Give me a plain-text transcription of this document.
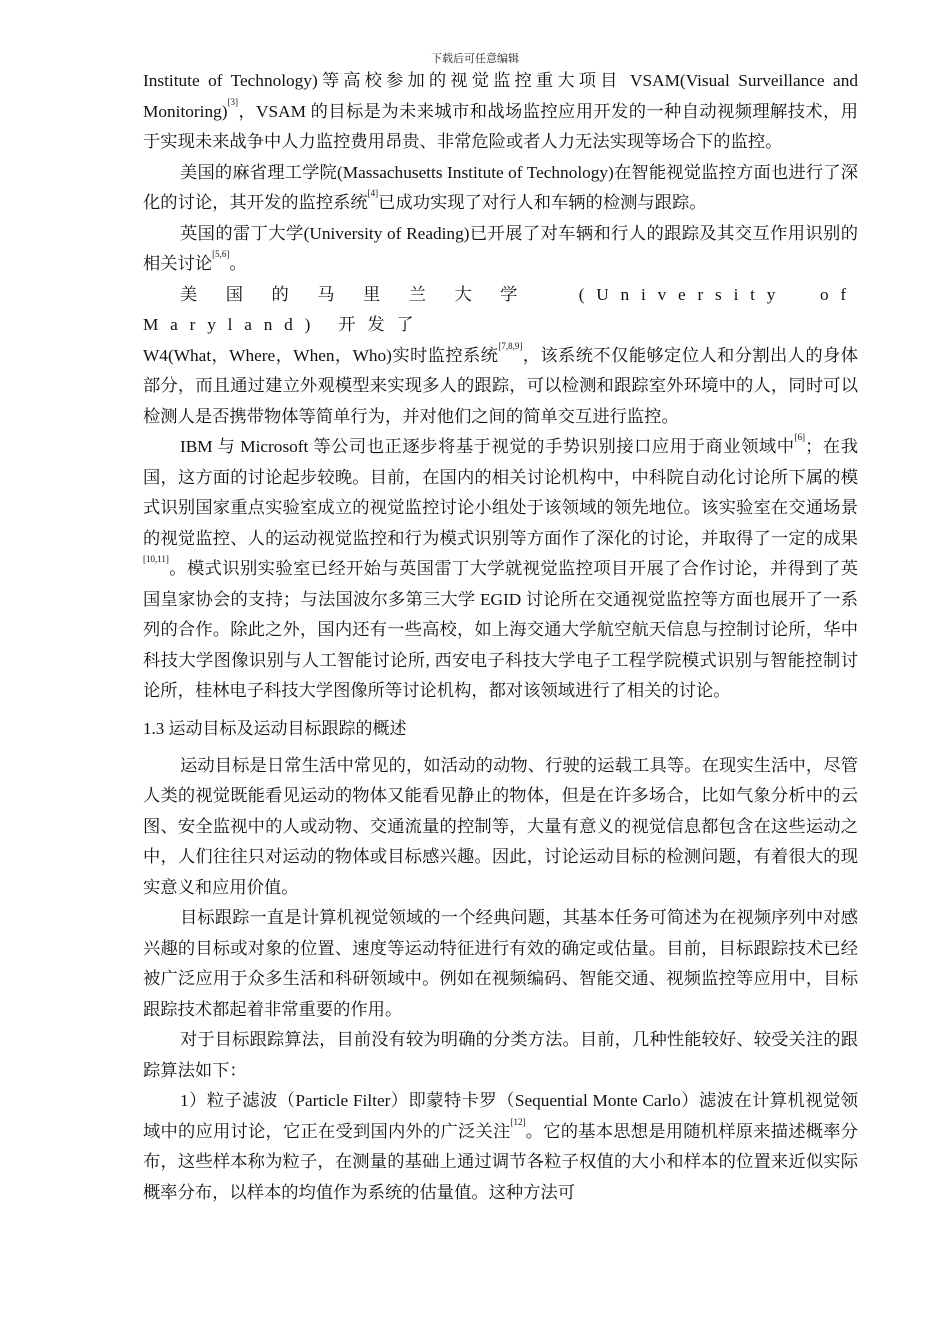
下载后可任意编辑

Institute of Technology)等高校参加的视觉监控重大项目 VSAM(Visual Surveillance and Monitoring)[3]，VSAM 的目标是为未来城市和战场监控应用开发的一种自动视频理解技术，用于实现未来战争中人力监控费用昂贵、非常危险或者人力无法实现等场合下的监控。

美国的麻省理工学院(Massachusetts Institute of Technology)在智能视觉监控方面也进行了深化的讨论，其开发的监控系统[4]已成功实现了对行人和车辆的检测与跟踪。

英国的雷丁大学(University of Reading)已开展了对车辆和行人的跟踪及其交互作用识别的相关讨论[5,6]。

美国的马里兰大学 (University of Maryland) 开发了
W4(What，Where，When，Who)实时监控系统[7,8,9]，该系统不仅能够定位人和分割出人的身体部分，而且通过建立外观模型来实现多人的跟踪，可以检测和跟踪室外环境中的人，同时可以检测人是否携带物体等简单行为，并对他们之间的简单交互进行监控。

IBM 与 Microsoft 等公司也正逐步将基于视觉的手势识别接口应用于商业领域中[6]；在我国，这方面的讨论起步较晚。目前，在国内的相关讨论机构中，中科院自动化讨论所下属的模式识别国家重点实验室成立的视觉监控讨论小组处于该领域的领先地位。该实验室在交通场景的视觉监控、人的运动视觉监控和行为模式识别等方面作了深化的讨论，并取得了一定的成果[10,11]。模式识别实验室已经开始与英国雷丁大学就视觉监控项目开展了合作讨论，并得到了英国皇家协会的支持；与法国波尔多第三大学 EGID 讨论所在交通视觉监控等方面也展开了一系列的合作。除此之外，国内还有一些高校，如上海交通大学航空航天信息与控制讨论所，华中科技大学图像识别与人工智能讨论所, 西安电子科技大学电子工程学院模式识别与智能控制讨论所，桂林电子科技大学图像所等讨论机构，都对该领域进行了相关的讨论。

1.3 运动目标及运动目标跟踪的概述

运动目标是日常生活中常见的，如活动的动物、行驶的运载工具等。在现实生活中，尽管人类的视觉既能看见运动的物体又能看见静止的物体，但是在许多场合，比如气象分析中的云图、安全监视中的人或动物、交通流量的控制等，大量有意义的视觉信息都包含在这些运动之中，人们往往只对运动的物体或目标感兴趣。因此，讨论运动目标的检测问题，有着很大的现实意义和应用价值。

目标跟踪一直是计算机视觉领域的一个经典问题，其基本任务可简述为在视频序列中对感兴趣的目标或对象的位置、速度等运动特征进行有效的确定或估量。目前，目标跟踪技术已经被广泛应用于众多生活和科研领域中。例如在视频编码、智能交通、视频监控等应用中，目标跟踪技术都起着非常重要的作用。

对于目标跟踪算法，目前没有较为明确的分类方法。目前，几种性能较好、较受关注的跟踪算法如下：

1）粒子滤波（Particle Filter）即蒙特卡罗（Sequential Monte Carlo）滤波在计算机视觉领域中的应用讨论，它正在受到国内外的广泛关注[12]。它的基本思想是用随机样原来描述概率分布，这些样本称为粒子，在测量的基础上通过调节各粒子权值的大小和样本的位置来近似实际概率分布，以样本的均值作为系统的估量值。这种方法可
